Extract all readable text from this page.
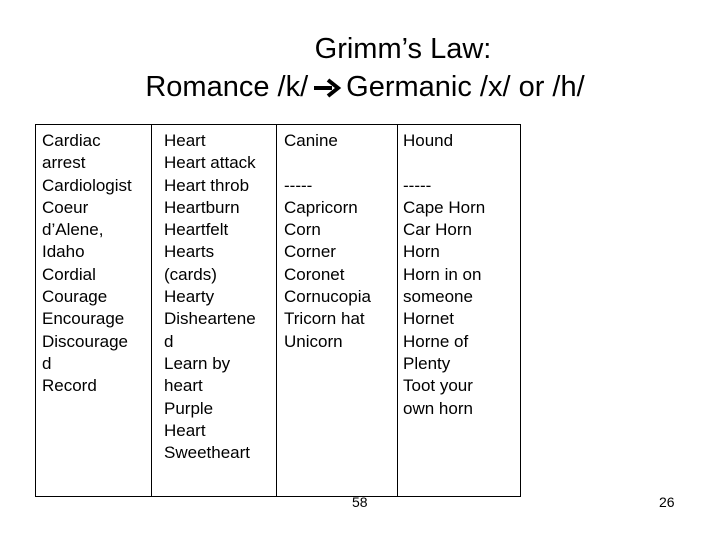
Grimm’s Law:
Romance /k/ Germanic /x/ or /h/
Cardiac
arrest
Cardiologist
Coeur
d’Alene,
Idaho
Cordial
Courage
Encourage
Discourage
d
Record
Heart
Heart attack
Heart throb
Heartburn
Heartfelt
Hearts
(cards)
Hearty
Disheartene
d
Learn by
heart
Purple
Heart
Sweetheart
Canine

-----
Capricorn
Corn
Corner
Coronet
Cornucopia
Tricorn hat
Unicorn
Hound

-----
Cape Horn
Car Horn
Horn
Horn in on
someone
Hornet
Horne of
Plenty
Toot your
own horn
58	26
